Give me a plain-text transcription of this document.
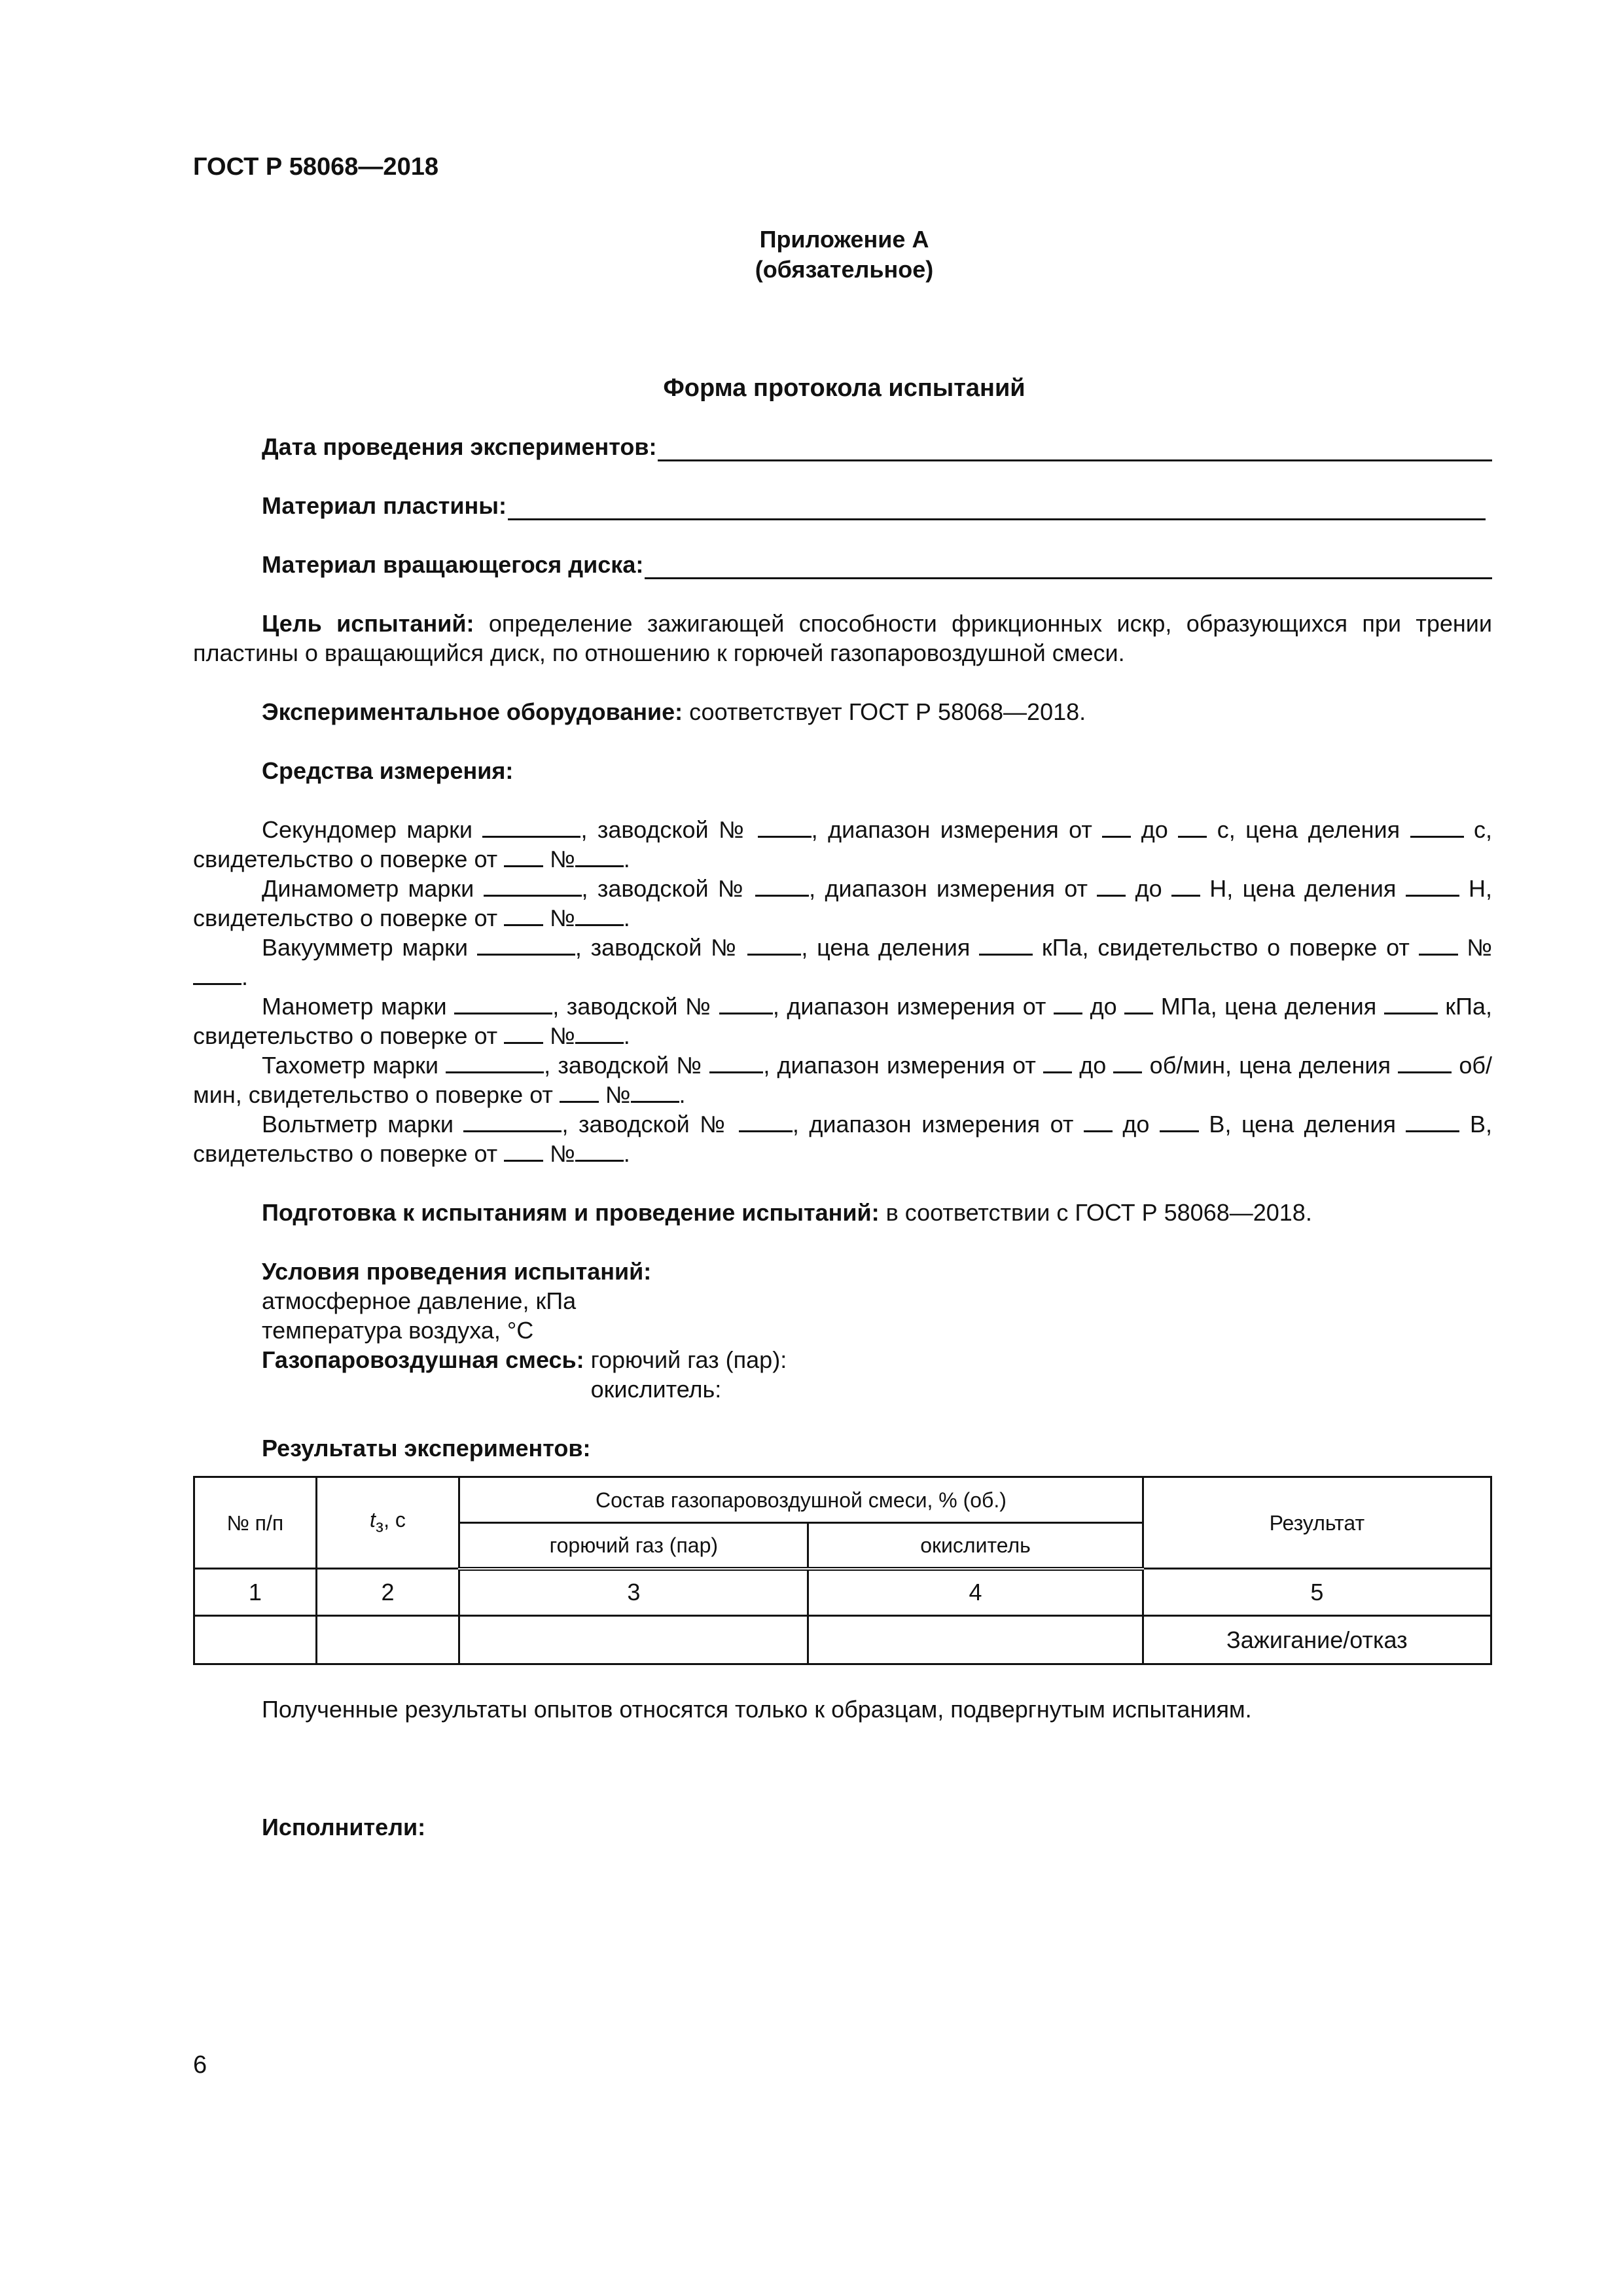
ГОСТ Р 58068—2018
Приложение А
(обязательное)
Форма протокола испытаний
Дата проведения экспериментов:
Материал пластины:
Материал вращающегося диска:

Цель испытаний: определение зажигающей способности фрикционных искр, образующихся при трении пластины о вращающийся диск, по отношению к горючей газопаровоздушной смеси.

Экспериментальное оборудование: соответствует ГОСТ Р 58068—2018.

Средства измерения:

Секундомер марки	, заводской № , диапазон измерения от  до  с, цена деления  с, свидетельство о поверке от  № .

Динамометр марки	, заводской № , диапазон измерения от  до  Н, цена деления  Н, свидетельство о поверке от  № .

Вакуумметр марки	, заводской № , цена деления  кПа, свидетельство о поверке от  №.

Манометр марки	, заводской № , диапазон измерения от  до  МПа, цена деления  кПа, свидетельство о поверке от  № .

Тахометр марки	, заводской № , диапазон измерения от  до  об/мин, цена деления  об/мин, свидетельство о поверке от  № .

Вольтметр марки	, заводской № , диапазон измерения от  до  В, цена деления  В, свидетельство о поверке от  № .

Подготовка к испытаниям и проведение испытаний: в соответствии с ГОСТ Р 58068—2018.

Условия проведения испытаний:
атмосферное давление, кПа
температура воздуха, °С
Газопаровоздушная смесь: горючий газ (пар):
окислитель:
Результаты экспериментов:
№ п/п	$t_з$, с	Состав газопаровоздушной смеси, % (об.)		Результат
		горючий газ (пар)	окислитель	
1	2	3	4	5
				Зажигание/отказ
Полученные результаты опытов относятся только к образцам, подвергнутым испытаниям.
Исполнители:
6
